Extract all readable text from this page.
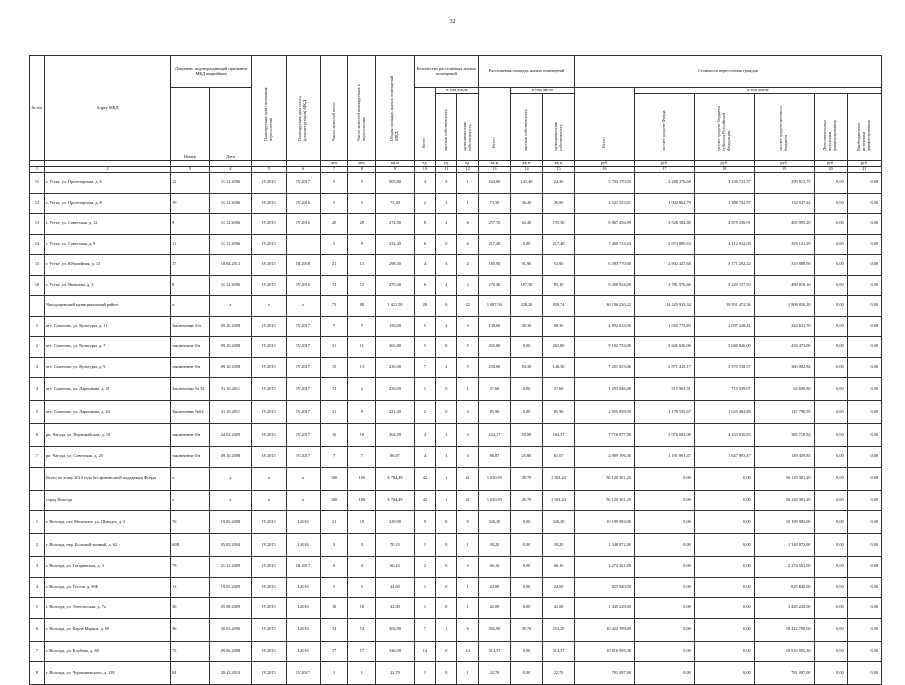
32
№ п/п	Адрес МКД	Документ, подтверждающий признание МКД аварийным		Планируемая дата окончания переселения	Планируемая дата сноса (реконструкции) МКД	Число жителей всего	Число жителей планируемых к переселению	Общая площадь жилых помещений МКД	Количество расселяемых жилых помещений			Расселяемая площадь жилых помещений			Стоимость переселения граждан					
		Номер	Дата						Всего	в том числе		Всего	в том числе		Всего	в том числе				

										частная собственность	муниципальная собственность		частная собственность	муниципальная собственность		за счет средств Фонда	за счет средств бюджета субъекта Российской Федерации	за счет средств местного бюджета	Дополнительные источники финансирования	Внебюджетные источники финансирования

						чел.	чел.	кв.м	ед.	ед.	ед.	кв.м	кв.м	кв.м	руб.	руб.	руб.	руб.	руб.	руб.
1	2	3	4	5	6	7	8	9	10	11	12	13	14	15	16	17	18	19	20	21
11	г. Устье, ул. Пролетарская, д. 6	12	11.12.2006	IV.2015	IV.2017	5	5	905,80	4	3	1	163,80	141,40	24,40	5 703 170,00	2 288 376,68	3 136 723,57	299 813,75	0,00	0,00
12	г. Устье, ул. Пролетарская, д. 8	19	11.12.2006	IV.2015	IV.2016	5	5	73,30	2	1	1	73,30	36,40	36,90	2 521 253,01	1 002 962,79	1 388 742,97	132 547,24	0,00	0,00
13	г. Устье, ул. Советская, д. 12	9	11.12.2006	IV.2015	IV.2016	20	20	274,90	8	2	6	257,70	62,40	195,30	8 867 456,99	3 526 184,80	4 875 356,91	465 995,20	0,00	0,00
14	г. Устье, ул. Советская, д. 9	11	11.12.2006	IV.2015		5	9	332,40	6	0	6	217,40	0,00	217,40	7 480 734,04	2 974 880,63	4 112 932,08	393 121,29	0,00	0,00
15	г. Устье, ул. Юбилейная, д. 13	17	18.04.2013	IV.2015	III.2018	21	13	298,50	4	3	2	185,90	91,90	53,90	6 393 770,00	2 902 447,68	3 171 292,22	319 888,90	0,00	0,00
16	г. Устье, ул. Яковлева, д. 3	8	11.12.2006	IV.2015	IV.2016	12	12	270,40	6	4	2	270,40	187,30	83,10	9 308 924,00	3 781 976,66	5 229 157,50	490 010,16	0,00	0,00
	Чагодощенский муниципальный район	х	х	х	х	73	88	1 421,50	28	6	22	1 087,94	228,20	859,74	36 196 220,22	14 429 915,34	19 951 472,56	1 808 850,20	0,00	0,00
1	пгт. Сазоново, ул. Культуры, д. 11	Заключение б/н	09.10.2008	IV.2015	IV.2017	7	7	156,00	5	2	3	138,60	38,30	98,30	4 892 633,96	1 950 775,83	2 697 228,41	244 631,70	0,00	0,00
2	пгт. Сазоново, ул. Культуры, д. 7	заключение б/н	09.10.2008	IV.2015	IV.2017	11	11	265,80	5	0	5	265,80	0,00	265,80	9 182 753,00	3 645 636,00	5 040 826,00	456 473,00	0,00	0,00
3	пгт. Сазоново, ул. Культуры, д. 9	заключение б/н	09.10.2008	IV.2015	IV.2017	15	13	230,00	7	2	5	230,60	84,30	146,30	7 201 653,06	2 871 418,17	3 970 158,57	360 082,92	0,00	0,00
4	пгт. Сазоново, ул. Ларионова, д. 41	Заключение № 52	31.10.2011	IV.2015	IV.2017	12	2	236,00	1	0	1	37,60	0,00	37,60	1 293 846,00	515 963,31	713 339,07	64 690,80	0,00	0,00
5	пгт. Сазоново, ул. Ларионова, д. 43	Заключение №64	31.10.2011	IV.2015	IV.2017	11	9	221,40	2	0	2	85,90	0,00	85,90	2 955 859,00	1 178 535,67	1 629 404,88	147 790,95	0,00	0,00
6	рп. Чагода, ул. Первомайская, д. 10	заключение б/н	24.02.2009	IV.2015	IV.2017	10	10	204,09	4	1	3	224,17	59,00	164,37	7 716 977,90	3 076 684,08	4 253 816,85	385 718,92	0,00	0,00
7	рп. Чагода, ул. Советская, д. 25	заключение б/н	09.10.2008	IV.2015	IV.2017	7	7	86,87	4	1	3	86,87	25,80	61,07	2 989 196,30	1 191 861,47	1 647 893,47	149 459,83	0,00	0,00
	Всего по этапу 2014 года без финансовой поддержки Фонда	х	х	х	х	100	100	6 784,49	42	1	41	1 630,93	49,70	1 581,23	56 120 301,20	0,00	0,00	56 120 301,20	0,00	0,00
	город Вологда	х	х	х	х	100	100	6 784,49	42	1	41	1 630,93	49,70	1 581,23	56 120 301,20	0,00	0,00	56 120 301,20	0,00	0,00
1	г. Вологда, пгт. Молочное, ул. Шмидта, д. 3	76	19.06.2008	IV.2015	I.2016	21	19	329,90	9	0	9	326,30	0,00	326,30	10 199 983,00	0,00	0,00	10 199 983,00	0,00	0,00
2	г. Вологда, пер. Большой-кочный, д. 62	60В	05.05.2004	IV.2015	I.2016	3	3	70,10	1	0	1	39,20	0,00	39,20	1 348 872,00	0,00	0,00	1 348 872,00	0,00	0,00
3	г. Вологда, ул. Гагаринская, д. 3	79	21.12.2009	IV.2015	III.2017	6	4	66,10	2	0	2	66,10	0,00	66,10	2 274 561,00	0,00	0,00	2 274 561,00	0,00	0,00
4	г. Вологда, ул. Гоголя, д. 39Б	13	19.05.2009	IV.2015	I.2016	5	5	24,60	1	0	1	24,00	0,00	24,00	825 840,00	0,00	0,00	825 840,00	0,00	0,00
5	г. Вологда, ул. Энгельсская, д. 7а	36	05.08.2009	IV.2015	I.2016	18	18	42,00	1	0	1	42,00	0,00	42,00	1 445 220,00	0,00	0,00	1 445 220,00	0,00	0,00
6	г. Вологда, ул. Карла Маркса, д. 69	36	30.03.2006	IV.2015	I.2018	14	14	302,90	7	1	6	302,90	49,70	253,20	10 422 789,00	0,00	0,00	10 422 789,00	0,00	0,00
7	г. Вологда, ул. Клубова, д. 68	73	09.06.2008	IV.2015	I.2016	17	17	336,09	14	0	14	314,37	0,00	314,37	10 816 995,30	0,00	0,00	10 816 995,30	0,00	0,00
8	г. Вологда, ул. Чернышевского, д. 128	84	20.12.2010	IV.2015	IV.2017	1	1	22,70	1	0	1	22,70	0,00	22,70	781 097,00	0,00	0,00	781 097,00	0,00	0,00
